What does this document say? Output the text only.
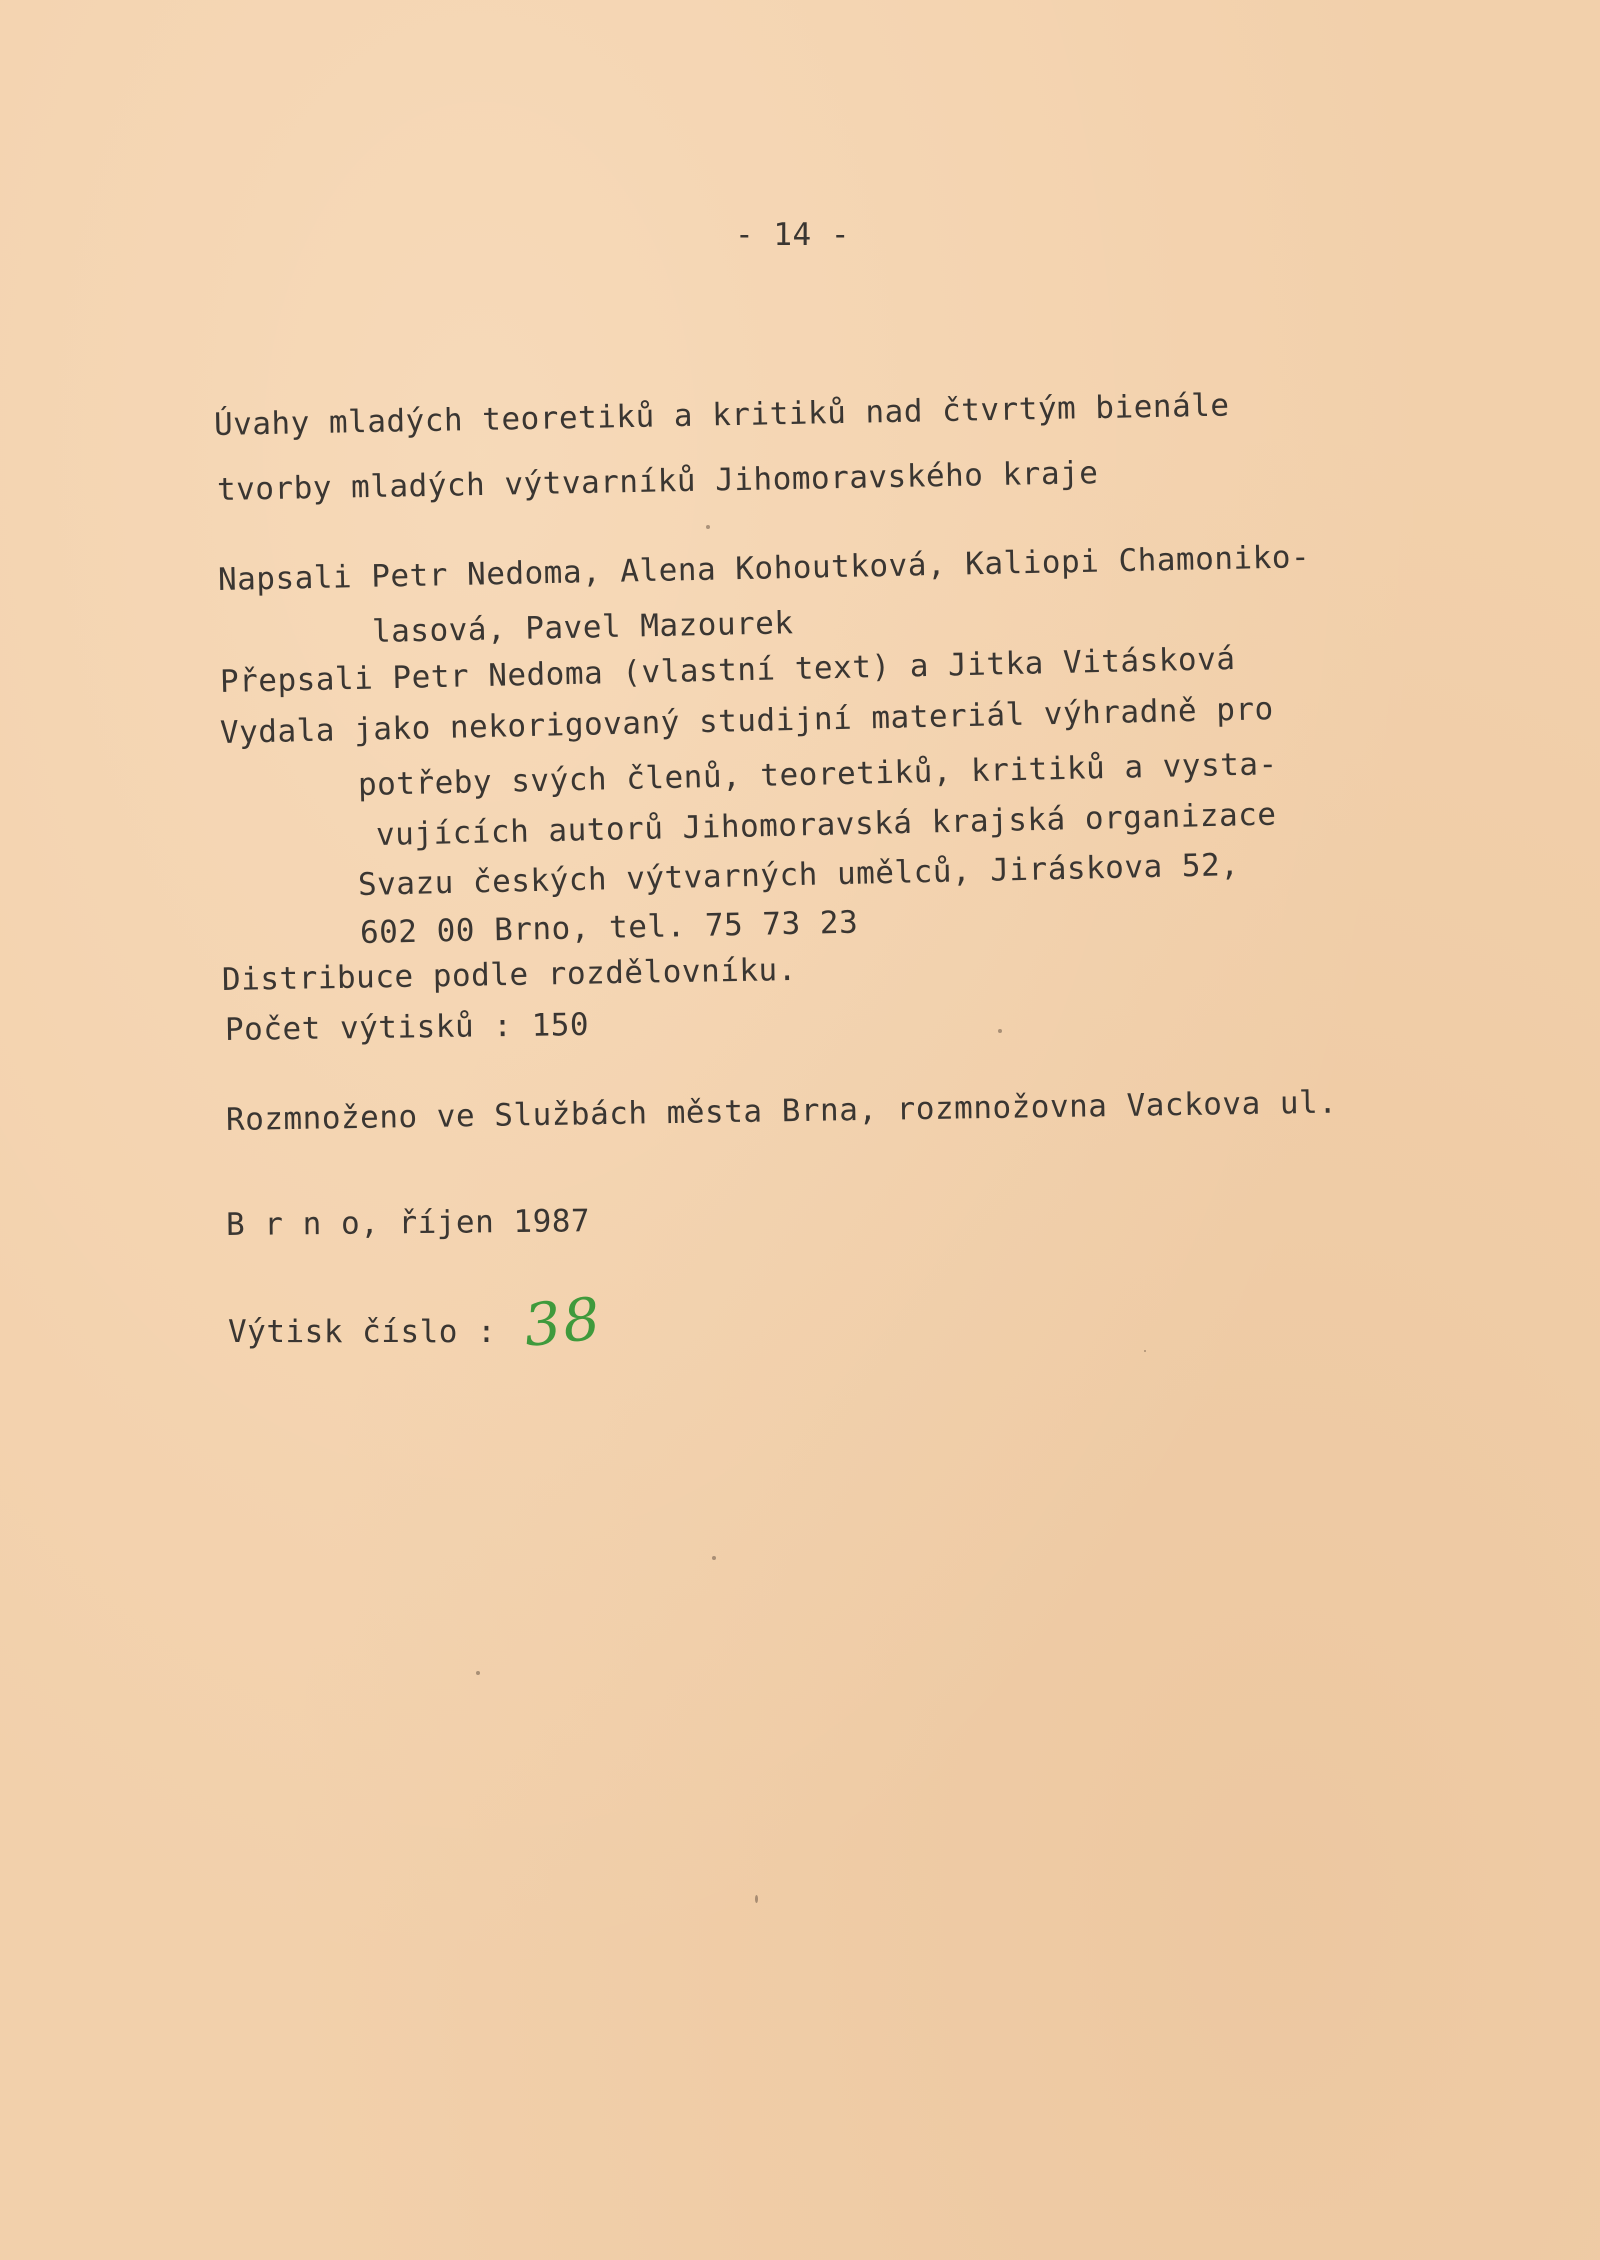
- 14 -

Úvahy mladých teoretiků a kritiků nad čtvrtým bienále

tvorby mladých výtvarníků Jihomoravského kraje

Napsali Petr Nedoma, Alena Kohoutková, Kaliopi Chamoniko-

lasová, Pavel Mazourek

Přepsali Petr Nedoma (vlastní text) a Jitka Vitásková

Vydala jako nekorigovaný studijní materiál výhradně pro

potřeby svých členů, teoretiků, kritiků a vysta-

vujících autorů Jihomoravská krajská organizace

Svazu českých výtvarných umělců, Jiráskova 52,

602 00 Brno, tel. 75 73 23

Distribuce podle rozdělovníku.

Počet výtisků : 150

Rozmnoženo ve Službách města Brna, rozmnožovna Vackova ul.

B r n o, říjen 1987

Výtisk číslo : 38
